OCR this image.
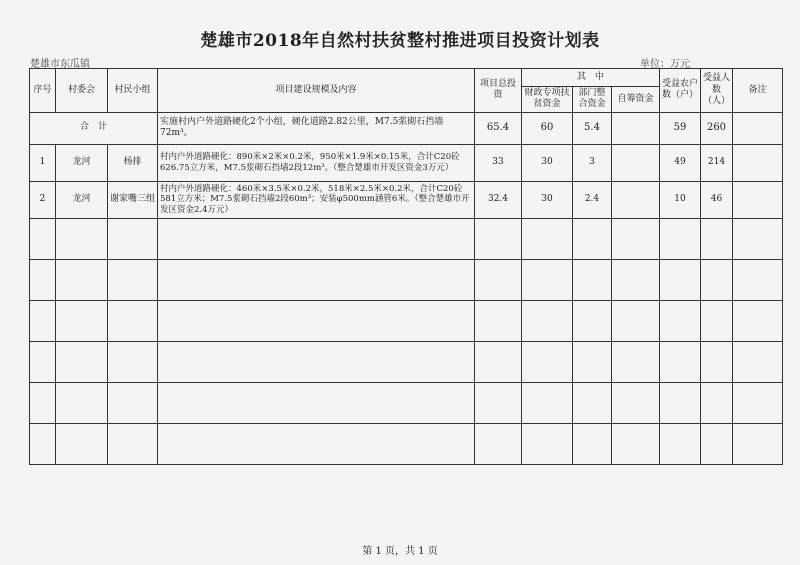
楚雄市2018年自然村扶贫整村推进项目投资计划表
楚雄市东瓜镇	单位：万元
序号	村委会	村民小组	项目建设规模及内容	项目总投资	其　中			受益农户数（户）	受益人数（人）	备注
					财政专项扶贫资金	部门整合资金	自筹资金			
合　计			实施村内户外道路硬化2个小组，硬化道路2.82公里，M7.5浆砌石挡墙72m³。	65.4	60	5.4		59	260	
1	龙河	杨排	村内户外道路硬化：890米×2米×0.2米，950米×1.9米×0.15米，合计C20砼626.75立方米，M7.5浆砌石挡墙2段12m³。（整合楚雄市开发区资金3万元）	33	30	3		49	214	
2	龙河	谢家嘴三组	村内户外道路硬化：460米×3.5米×0.2米，518米×2.5米×0.2米，合计C20砼581立方米；M7.5浆砌石挡墙2段60m³；安装φ500mm涵管6米。（整合楚雄市开发区资金2.4万元）	32.4	30	2.4		10	46	

第 1 页，共 1 页
